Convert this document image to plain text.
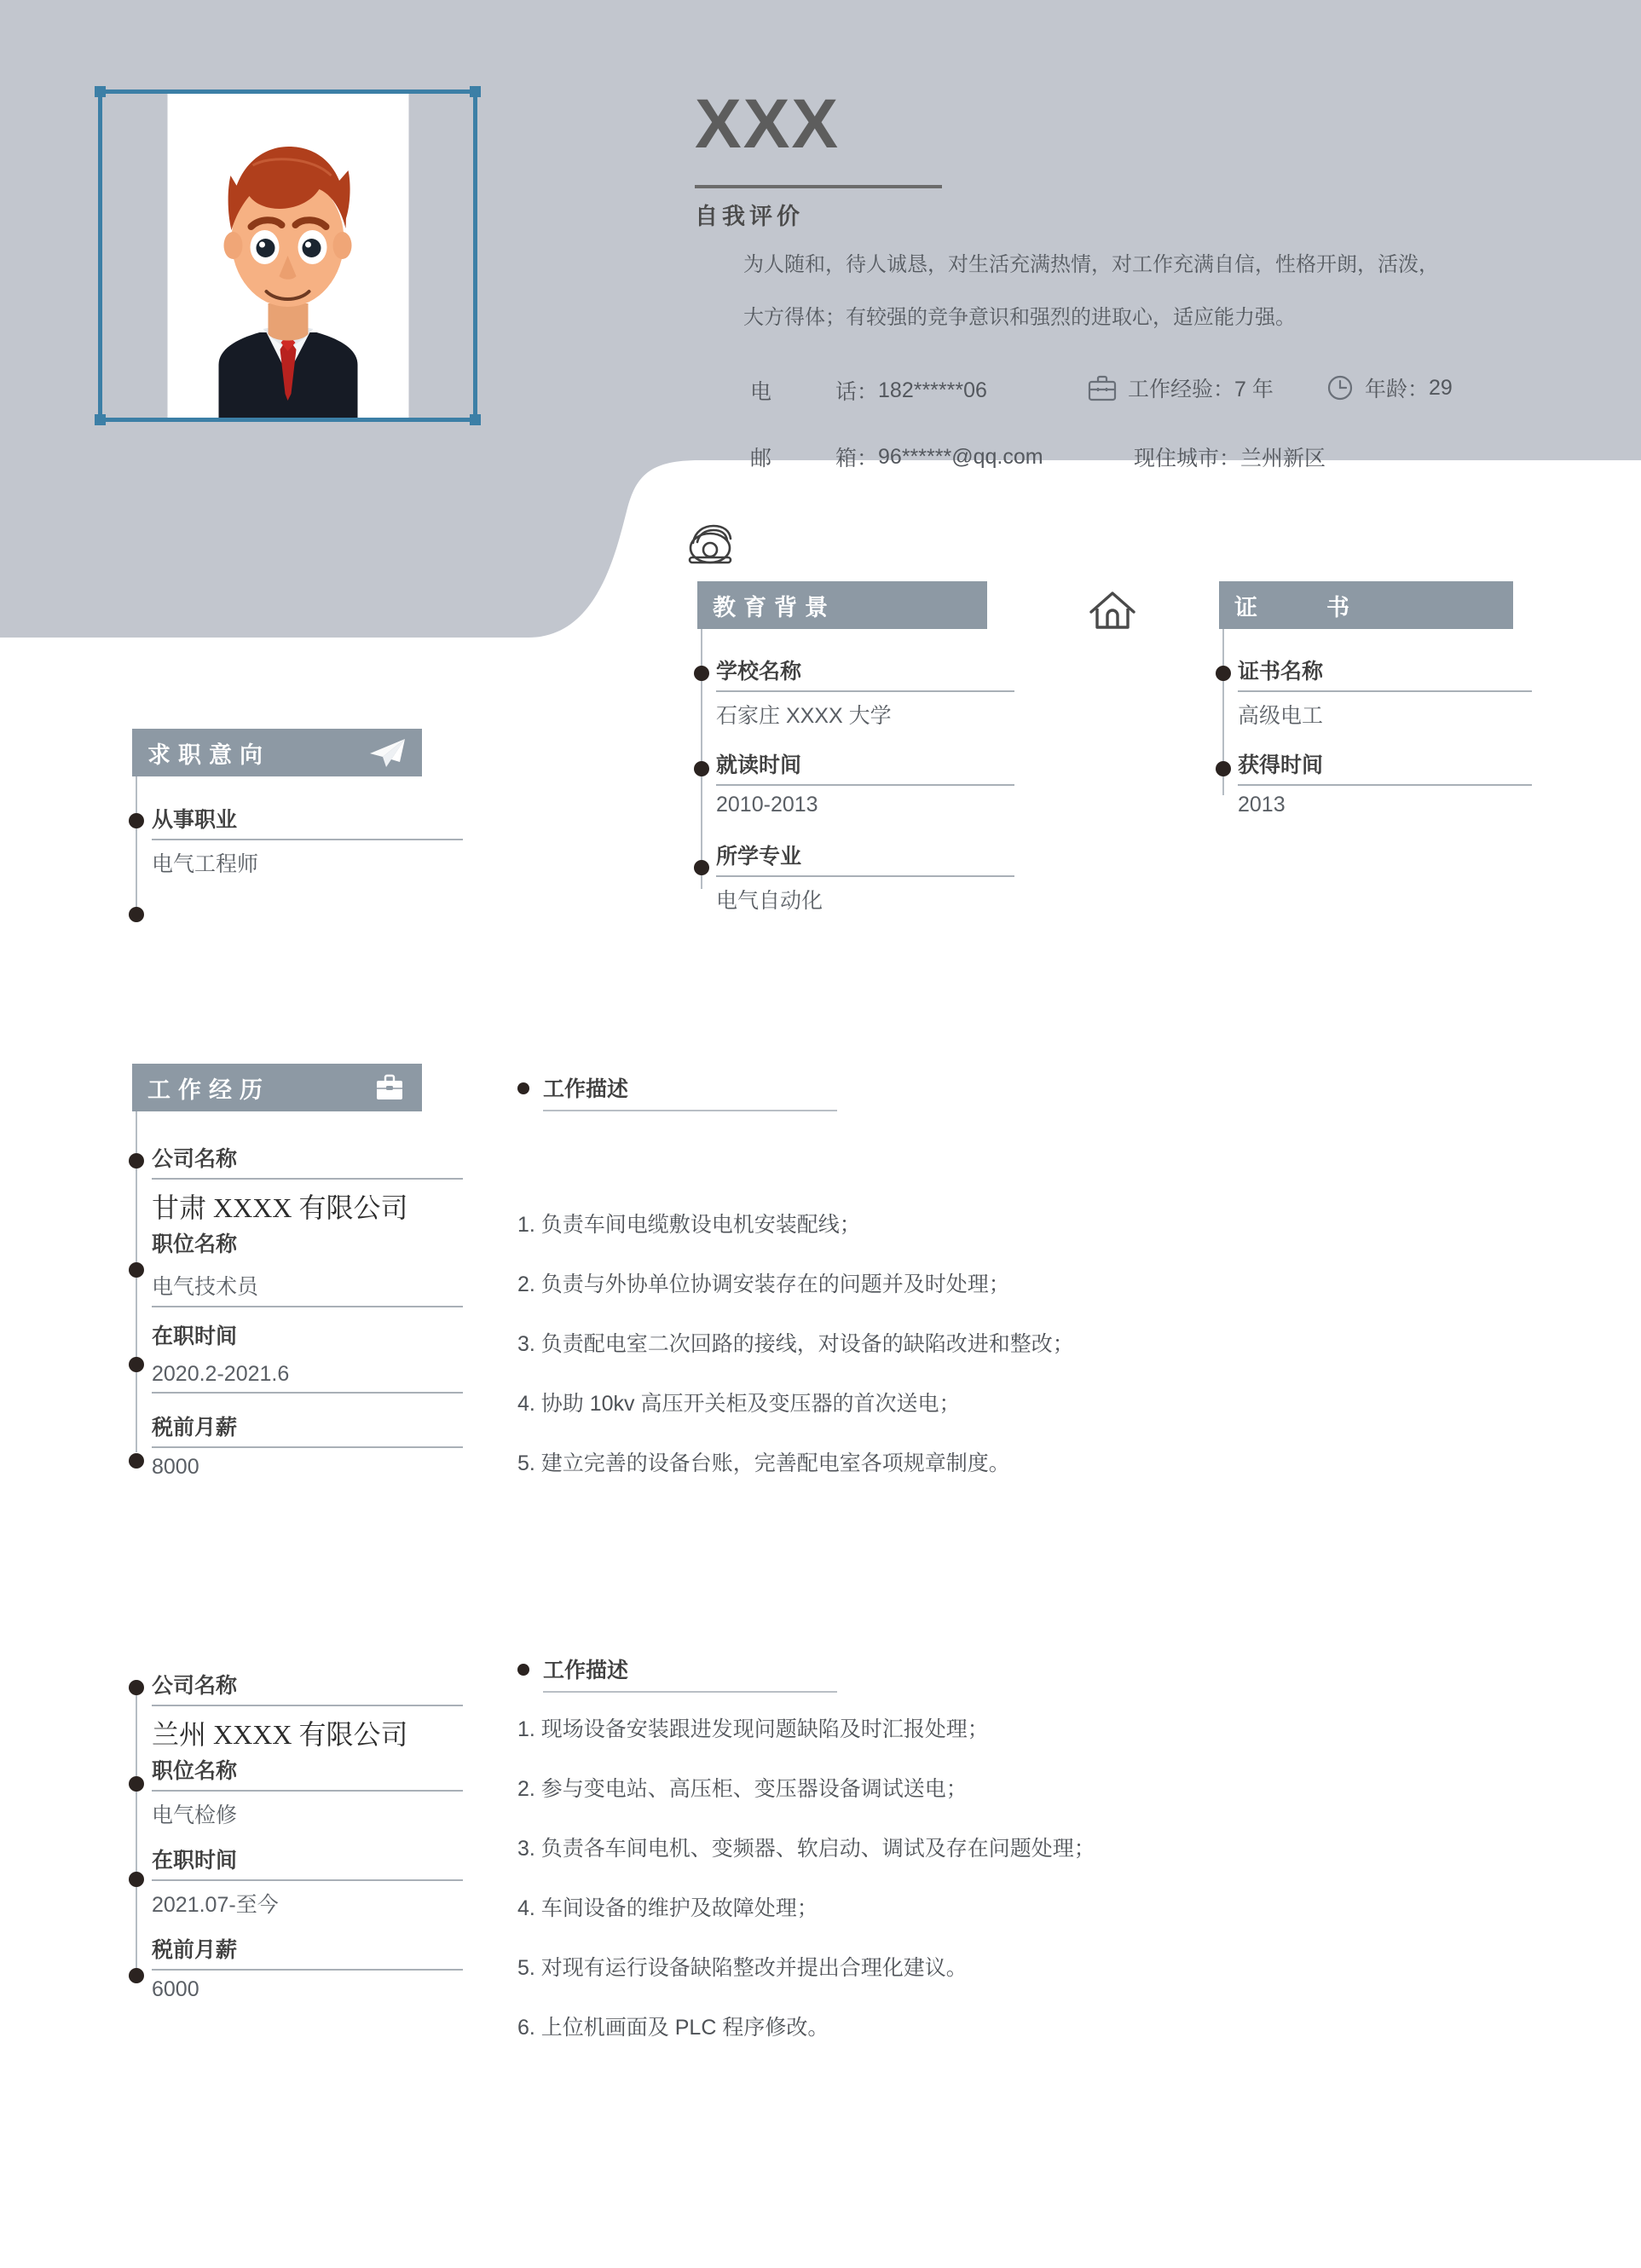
XXX
自我评价
为人随和，待人诚恳，对生活充满热情，对工作充满自信，性格开朗，活泼，
大方得体；有较强的竞争意识和强烈的进取心，适应能力强。
电	话： 182******06
邮	箱： 96******@qq.com
工作经验： 7 年	年龄： 29
现住城市： 兰州新区
教育背景
学校名称
石家庄 XXXX 大学
就读时间
2010-2013
所学专业
电气自动化
证　　书
证书名称
高级电工
获得时间
2013
求职意向
从事职业
电气工程师
工作经历
公司名称
甘肃 XXXX 有限公司
职位名称
电气技术员
在职时间
2020.2-2021.6
税前月薪
8000
工作描述
1. 负责车间电缆敷设电机安装配线；
2. 负责与外协单位协调安装存在的问题并及时处理；
3. 负责配电室二次回路的接线，对设备的缺陷改进和整改；
4. 协助 10kv 高压开关柜及变压器的首次送电；
5. 建立完善的设备台账，完善配电室各项规章制度。
公司名称
兰州 XXXX 有限公司
职位名称
电气检修
在职时间
2021.07-至今
税前月薪
6000
工作描述
1. 现场设备安装跟进发现问题缺陷及时汇报处理；
2. 参与变电站、高压柜、变压器设备调试送电；
3. 负责各车间电机、变频器、软启动、调试及存在问题处理；
4. 车间设备的维护及故障处理；
5. 对现有运行设备缺陷整改并提出合理化建议。
6. 上位机画面及 PLC 程序修改。
